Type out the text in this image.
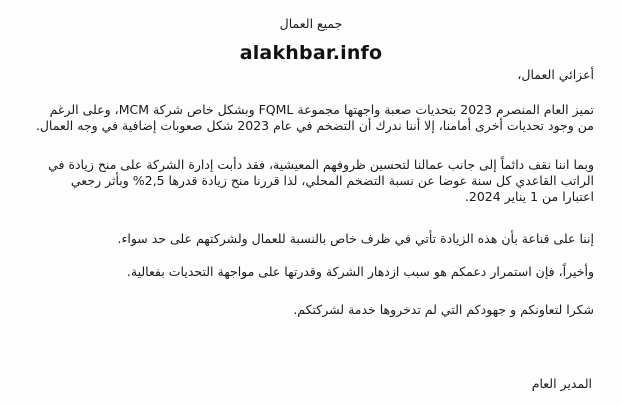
جميع العمال
alakhbar.info
أعزائي العمال،
تميز العام المنصرم 2023 بتحديات صعبة واجهتها مجموعة FQML وبشكل خاص شركة MCM، وعلى الرغم
من وجود تحديات أخرى أمامنا، إلا أننا ندرك أن التضخم في عام 2023 شكل صعوبات إضافية في وجه العمال.
وبما اننا نقف دائماً إلى جانب عمالنا لتحسين ظروفهم المعيشية، فقد دأبت إدارة الشركة على منح زيادة في
الراتب القاعدي كل سنة عوضا عن نسبة التضخم المحلي، لذا قررنا منح زيادة قدرها 2,5% وبأثر رجعي
اعتبارا من 1 يناير 2024.
إننا على قناعة بأن هذه الزيادة تأتي في ظرف خاص بالنسبة للعمال ولشركتهم على حد سواء.
وأخيراً، فإن استمرار دعمكم هو سبب ازدهار الشركة وقدرتها على مواجهة التحديات بفعالية.
شكرا لتعاونكم و جهودكم التي لم تدخروها خدمة لشركتكم.
المدير العام
